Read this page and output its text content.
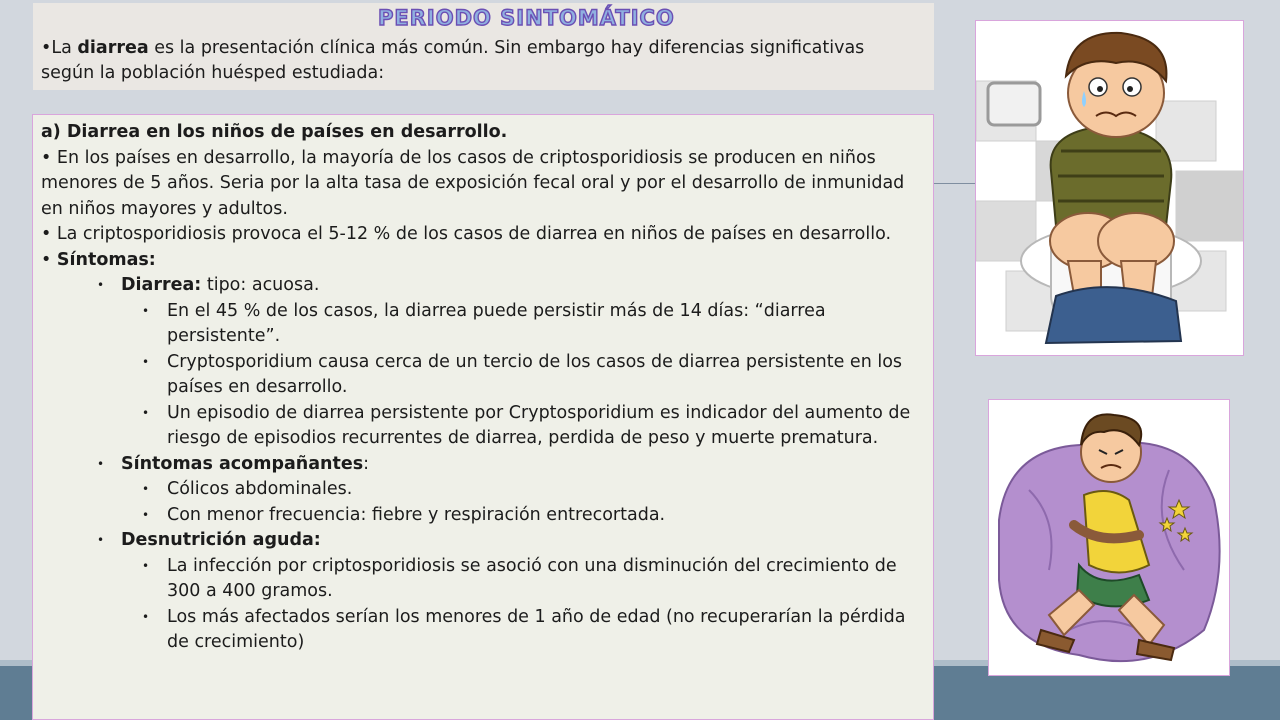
PERIODO SINTOMÁTICO
•La diarrea es la presentación clínica más común. Sin embargo hay diferencias significativas según la población huésped estudiada:

a) Diarrea en los niños de países en desarrollo.

• En los países en desarrollo, la mayoría de los casos de criptosporidiosis se producen en niños menores de 5 años. Seria por la alta tasa de exposición fecal oral y por el desarrollo de inmunidad en niños mayores y adultos.

• La criptosporidiosis provoca el 5-12 % de los casos de diarrea en niños de países en desarrollo.

• Síntomas:

• Diarrea: tipo: acuosa.
• En el 45 % de los casos, la diarrea puede persistir más de 14 días: “diarrea persistente”.
• Cryptosporidium causa cerca de un tercio de los casos de diarrea persistente en los países en desarrollo.
• Un episodio de diarrea persistente por Cryptosporidium es indicador del aumento de riesgo de episodios recurrentes de diarrea, perdida de peso y muerte prematura.
• Síntomas acompañantes:
• Cólicos abdominales.
• Con menor frecuencia: fiebre y respiración entrecortada.
• Desnutrición aguda:
• La infección por criptosporidiosis se asoció con una disminución del crecimiento de 300 a 400 gramos.
• Los más afectados serían los menores de 1 año de edad (no recuperarían la pérdida de crecimiento)
